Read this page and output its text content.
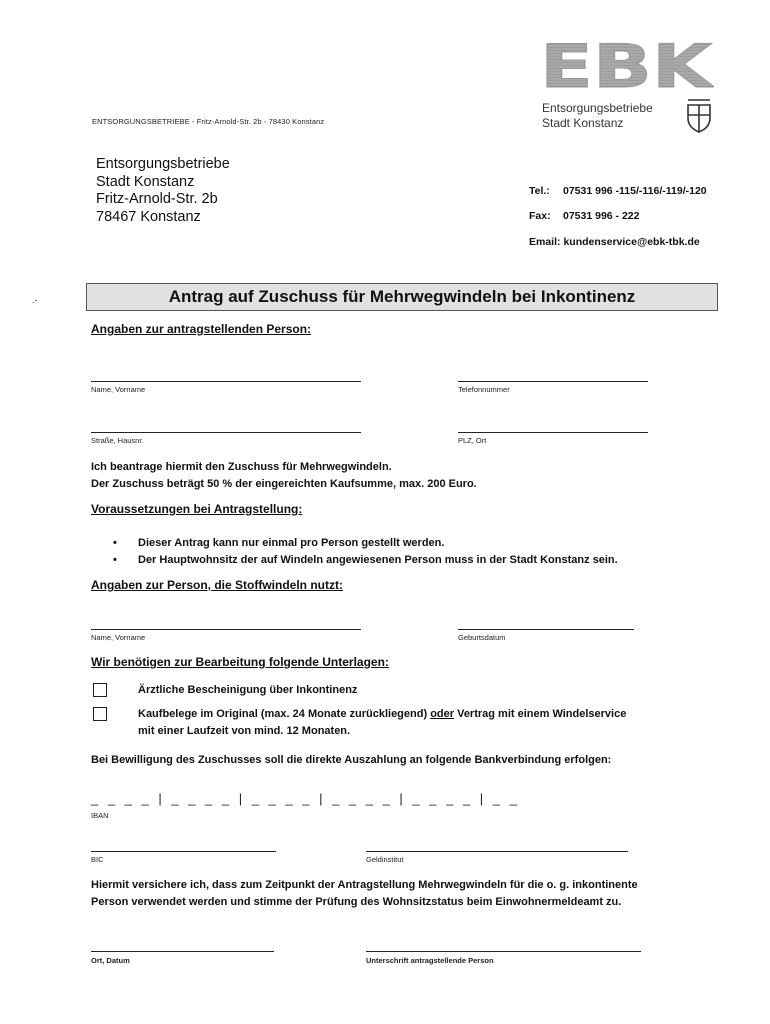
ENTSORGUNGSBETRIEBE - Fritz-Arnold-Str. 2b - 78430 Konstanz
EBK
Entsorgungsbetriebe
Stadt Konstanz
Entsorgungsbetriebe
Stadt Konstanz
Fritz-Arnold-Str. 2b
78467 Konstanz
Tel.: 07531 996 -115/-116/-119/-120
Fax: 07531 996 - 222
Email: kundenservice@ebk-tbk.de
.-	Antrag auf Zuschuss für Mehrwegwindeln bei Inkontinenz
Angaben zur antragstellenden Person:
Name, Vorname	Telefonnummer
Straße, Hausnr.	PLZ, Ort
Ich beantrage hiermit den Zuschuss für Mehrwegwindeln.
Der Zuschuss beträgt 50 % der eingereichten Kaufsumme, max. 200 Euro.
Voraussetzungen bei Antragstellung:
• Dieser Antrag kann nur einmal pro Person gestellt werden.
• Der Hauptwohnsitz der auf Windeln angewiesenen Person muss in der Stadt Konstanz sein.
Angaben zur Person, die Stoffwindeln nutzt:
Name, Vorname	Geburtsdatum
Wir benötigen zur Bearbeitung folgende Unterlagen:
Ärztliche Bescheinigung über Inkontinenz
Kaufbelege im Original (max. 24 Monate zurückliegend) oder Vertrag mit einem Windelservice
mit einer Laufzeit von mind. 12 Monaten.
Bei Bewilligung des Zuschusses soll die direkte Auszahlung an folgende Bankverbindung erfolgen:
_ _ _ _ | _ _ _ _ | _ _ _ _ | _ _ _ _ | _ _ _ _ | _ _
IBAN
BIC	Geldinstitut
Hiermit versichere ich, dass zum Zeitpunkt der Antragstellung Mehrwegwindeln für die o. g. inkontinente
Person verwendet werden und stimme der Prüfung des Wohnsitzstatus beim Einwohnermeldeamt zu.
Ort, Datum	Unterschrift antragstellende Person
